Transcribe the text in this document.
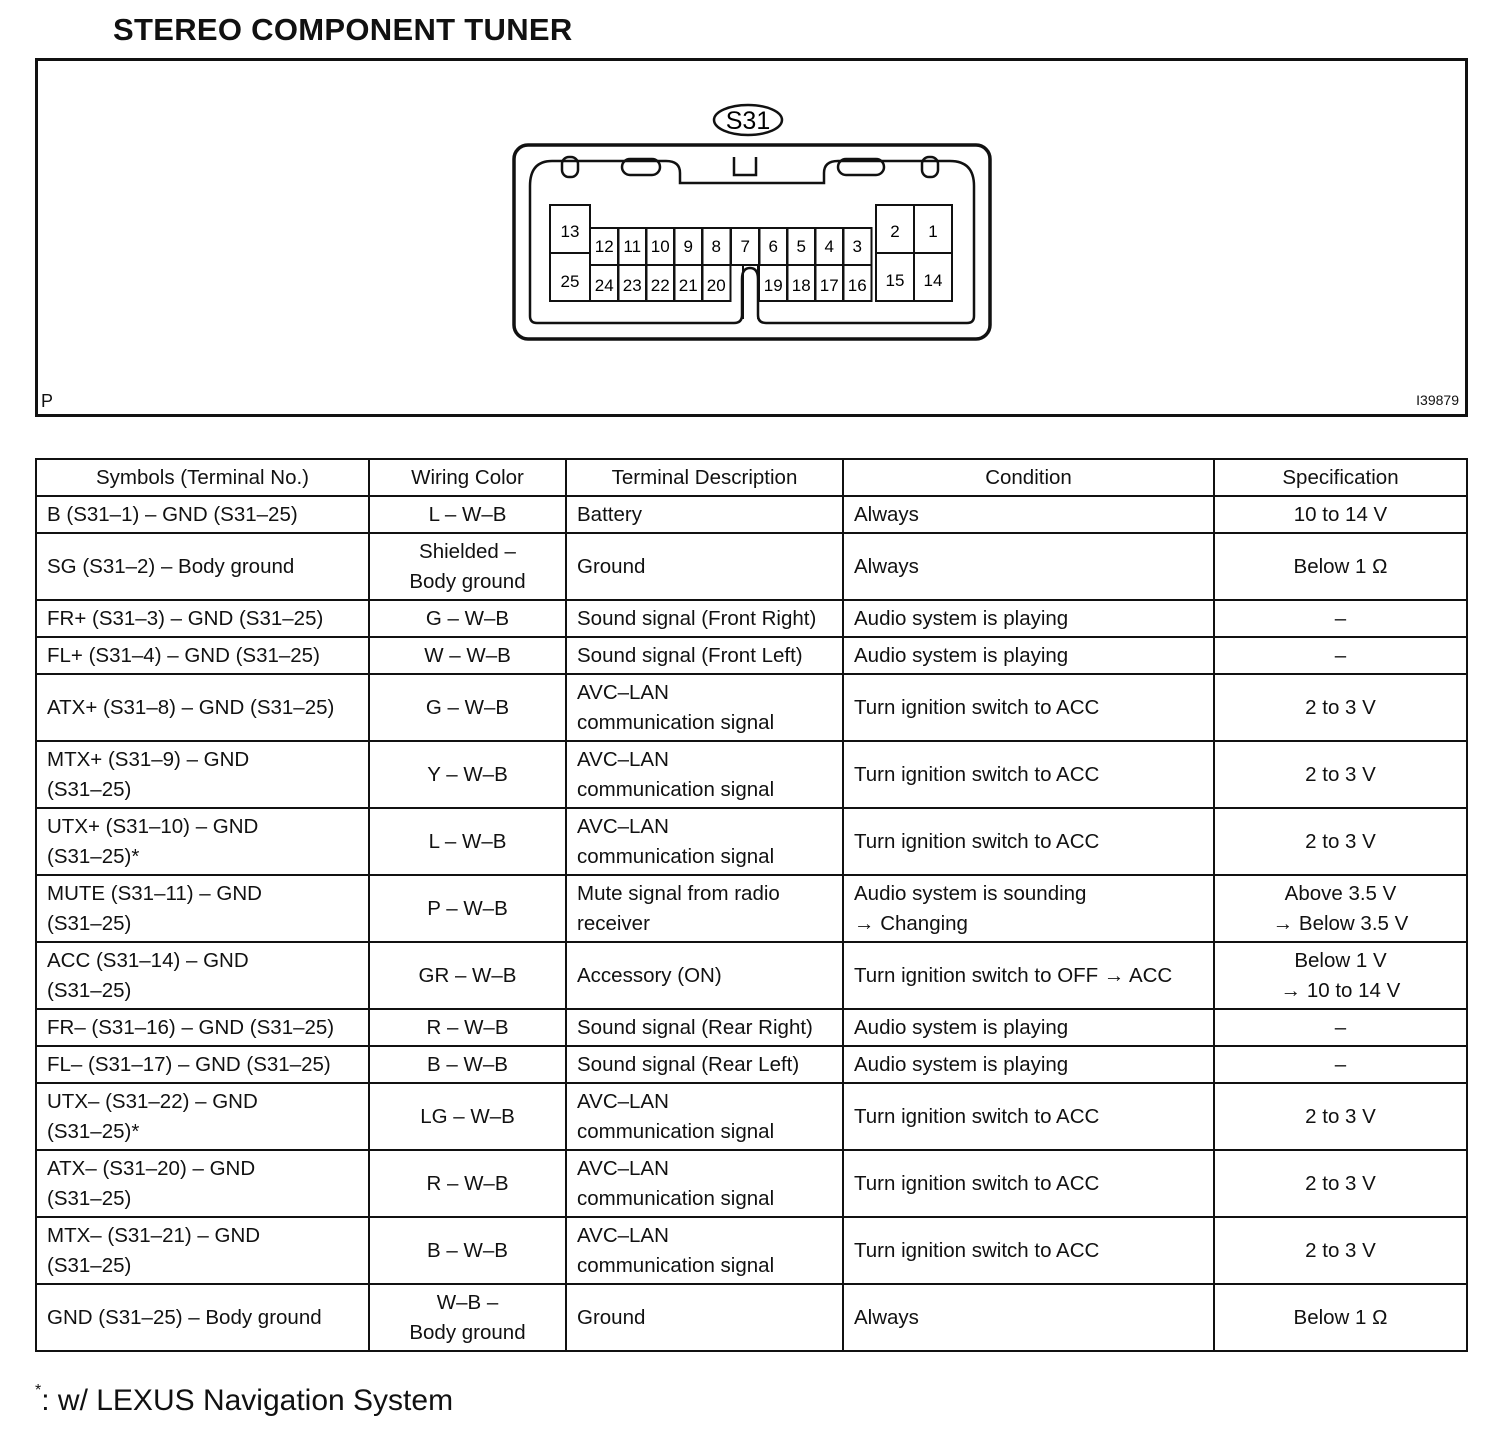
STEREO COMPONENT TUNER
S31
13
25
12 11 10 9 8 7 6 5 4 3
24 23 22 21 20 19 18 17 16
2 1
15 14
P	I39879
Symbols (Terminal No.)	Wiring Color	Terminal Description	Condition	Specification
B (S31–1) – GND (S31–25)	L – W–B	Battery	Always	10 to 14 V
SG (S31–2) – Body ground	Shielded –
Body ground	Ground	Always	Below 1 Ω
FR+ (S31–3) – GND (S31–25)	G – W–B	Sound signal (Front Right)	Audio system is playing	–
FL+ (S31–4) – GND (S31–25)	W – W–B	Sound signal (Front Left)	Audio system is playing	–
ATX+ (S31–8) – GND (S31–25)	G – W–B	AVC–LAN
communication signal	Turn ignition switch to ACC	2 to 3 V
MTX+ (S31–9) – GND
(S31–25)	Y – W–B	AVC–LAN
communication signal	Turn ignition switch to ACC	2 to 3 V
UTX+ (S31–10) – GND
(S31–25)*	L – W–B	AVC–LAN
communication signal	Turn ignition switch to ACC	2 to 3 V
MUTE (S31–11) – GND
(S31–25)	P – W–B	Mute signal from radio
receiver	Audio system is sounding
→ Changing	Above 3.5 V
→ Below 3.5 V
ACC (S31–14) – GND
(S31–25)	GR – W–B	Accessory (ON)	Turn ignition switch to OFF → ACC	Below 1 V
→ 10 to 14 V
FR– (S31–16) – GND (S31–25)	R – W–B	Sound signal (Rear Right)	Audio system is playing	–
FL– (S31–17) – GND (S31–25)	B – W–B	Sound signal (Rear Left)	Audio system is playing	–
UTX– (S31–22) – GND
(S31–25)*	LG – W–B	AVC–LAN
communication signal	Turn ignition switch to ACC	2 to 3 V
ATX– (S31–20) – GND
(S31–25)	R – W–B	AVC–LAN
communication signal	Turn ignition switch to ACC	2 to 3 V
MTX– (S31–21) – GND
(S31–25)	B – W–B	AVC–LAN
communication signal	Turn ignition switch to ACC	2 to 3 V
GND (S31–25) – Body ground	W–B –
Body ground	Ground	Always	Below 1 Ω
*: w/ LEXUS Navigation System
